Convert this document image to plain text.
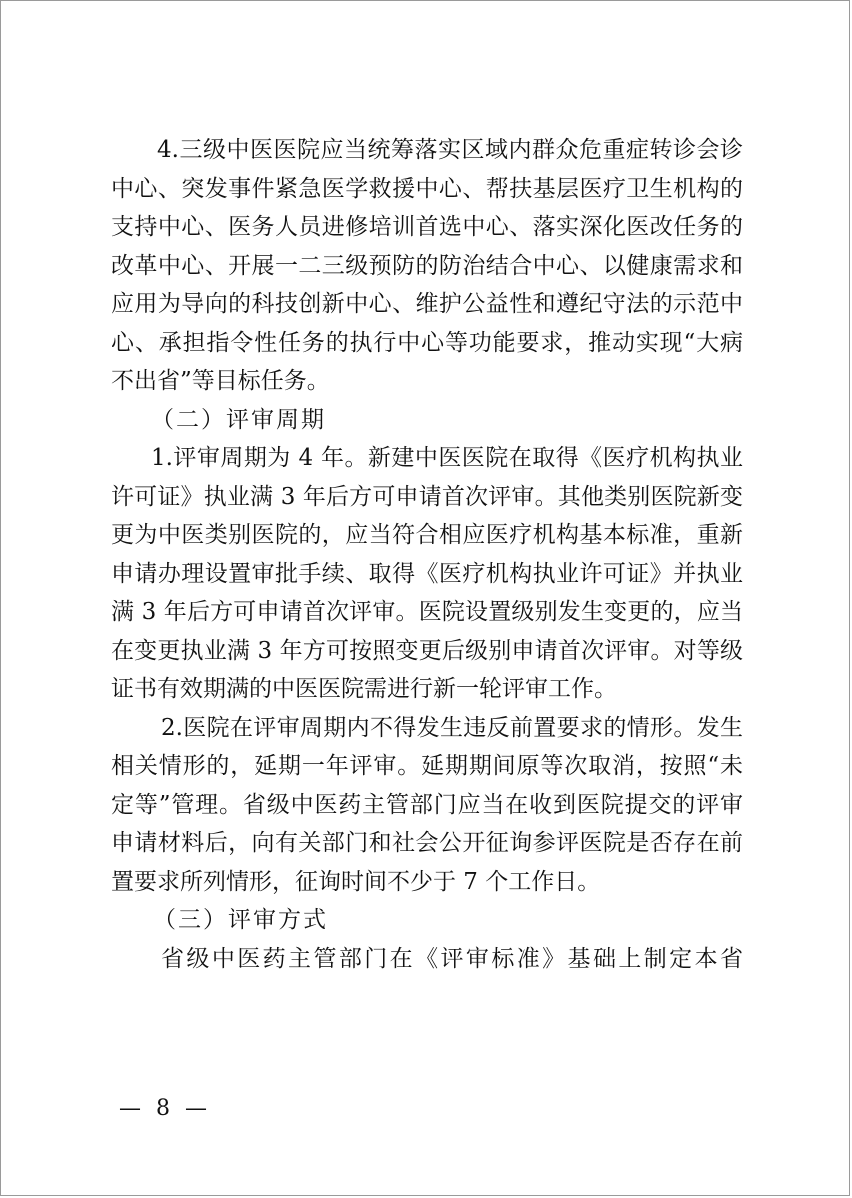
4.三级中医医院应当统筹落实区域内群众危重症转诊会诊
中心、突发事件紧急医学救援中心、帮扶基层医疗卫生机构的
支持中心、医务人员进修培训首选中心、落实深化医改任务的
改革中心、开展一二三级预防的防治结合中心、以健康需求和
应用为导向的科技创新中心、维护公益性和遵纪守法的示范中
心、承担指令性任务的执行中心等功能要求，推动实现“大病
不出省”等目标任务。
（二）评审周期
1.评审周期为 4 年。新建中医医院在取得《医疗机构执业
许可证》执业满 3 年后方可申请首次评审。其他类别医院新变
更为中医类别医院的，应当符合相应医疗机构基本标准，重新
申请办理设置审批手续、取得《医疗机构执业许可证》并执业
满 3 年后方可申请首次评审。医院设置级别发生变更的，应当
在变更执业满 3 年方可按照变更后级别申请首次评审。对等级
证书有效期满的中医医院需进行新一轮评审工作。
2.医院在评审周期内不得发生违反前置要求的情形。发生
相关情形的，延期一年评审。延期期间原等次取消，按照“未
定等”管理。省级中医药主管部门应当在收到医院提交的评审
申请材料后，向有关部门和社会公开征询参评医院是否存在前
置要求所列情形，征询时间不少于 7 个工作日。
（三）评审方式
省级中医药主管部门在《评审标准》基础上制定本省
— 8 —
